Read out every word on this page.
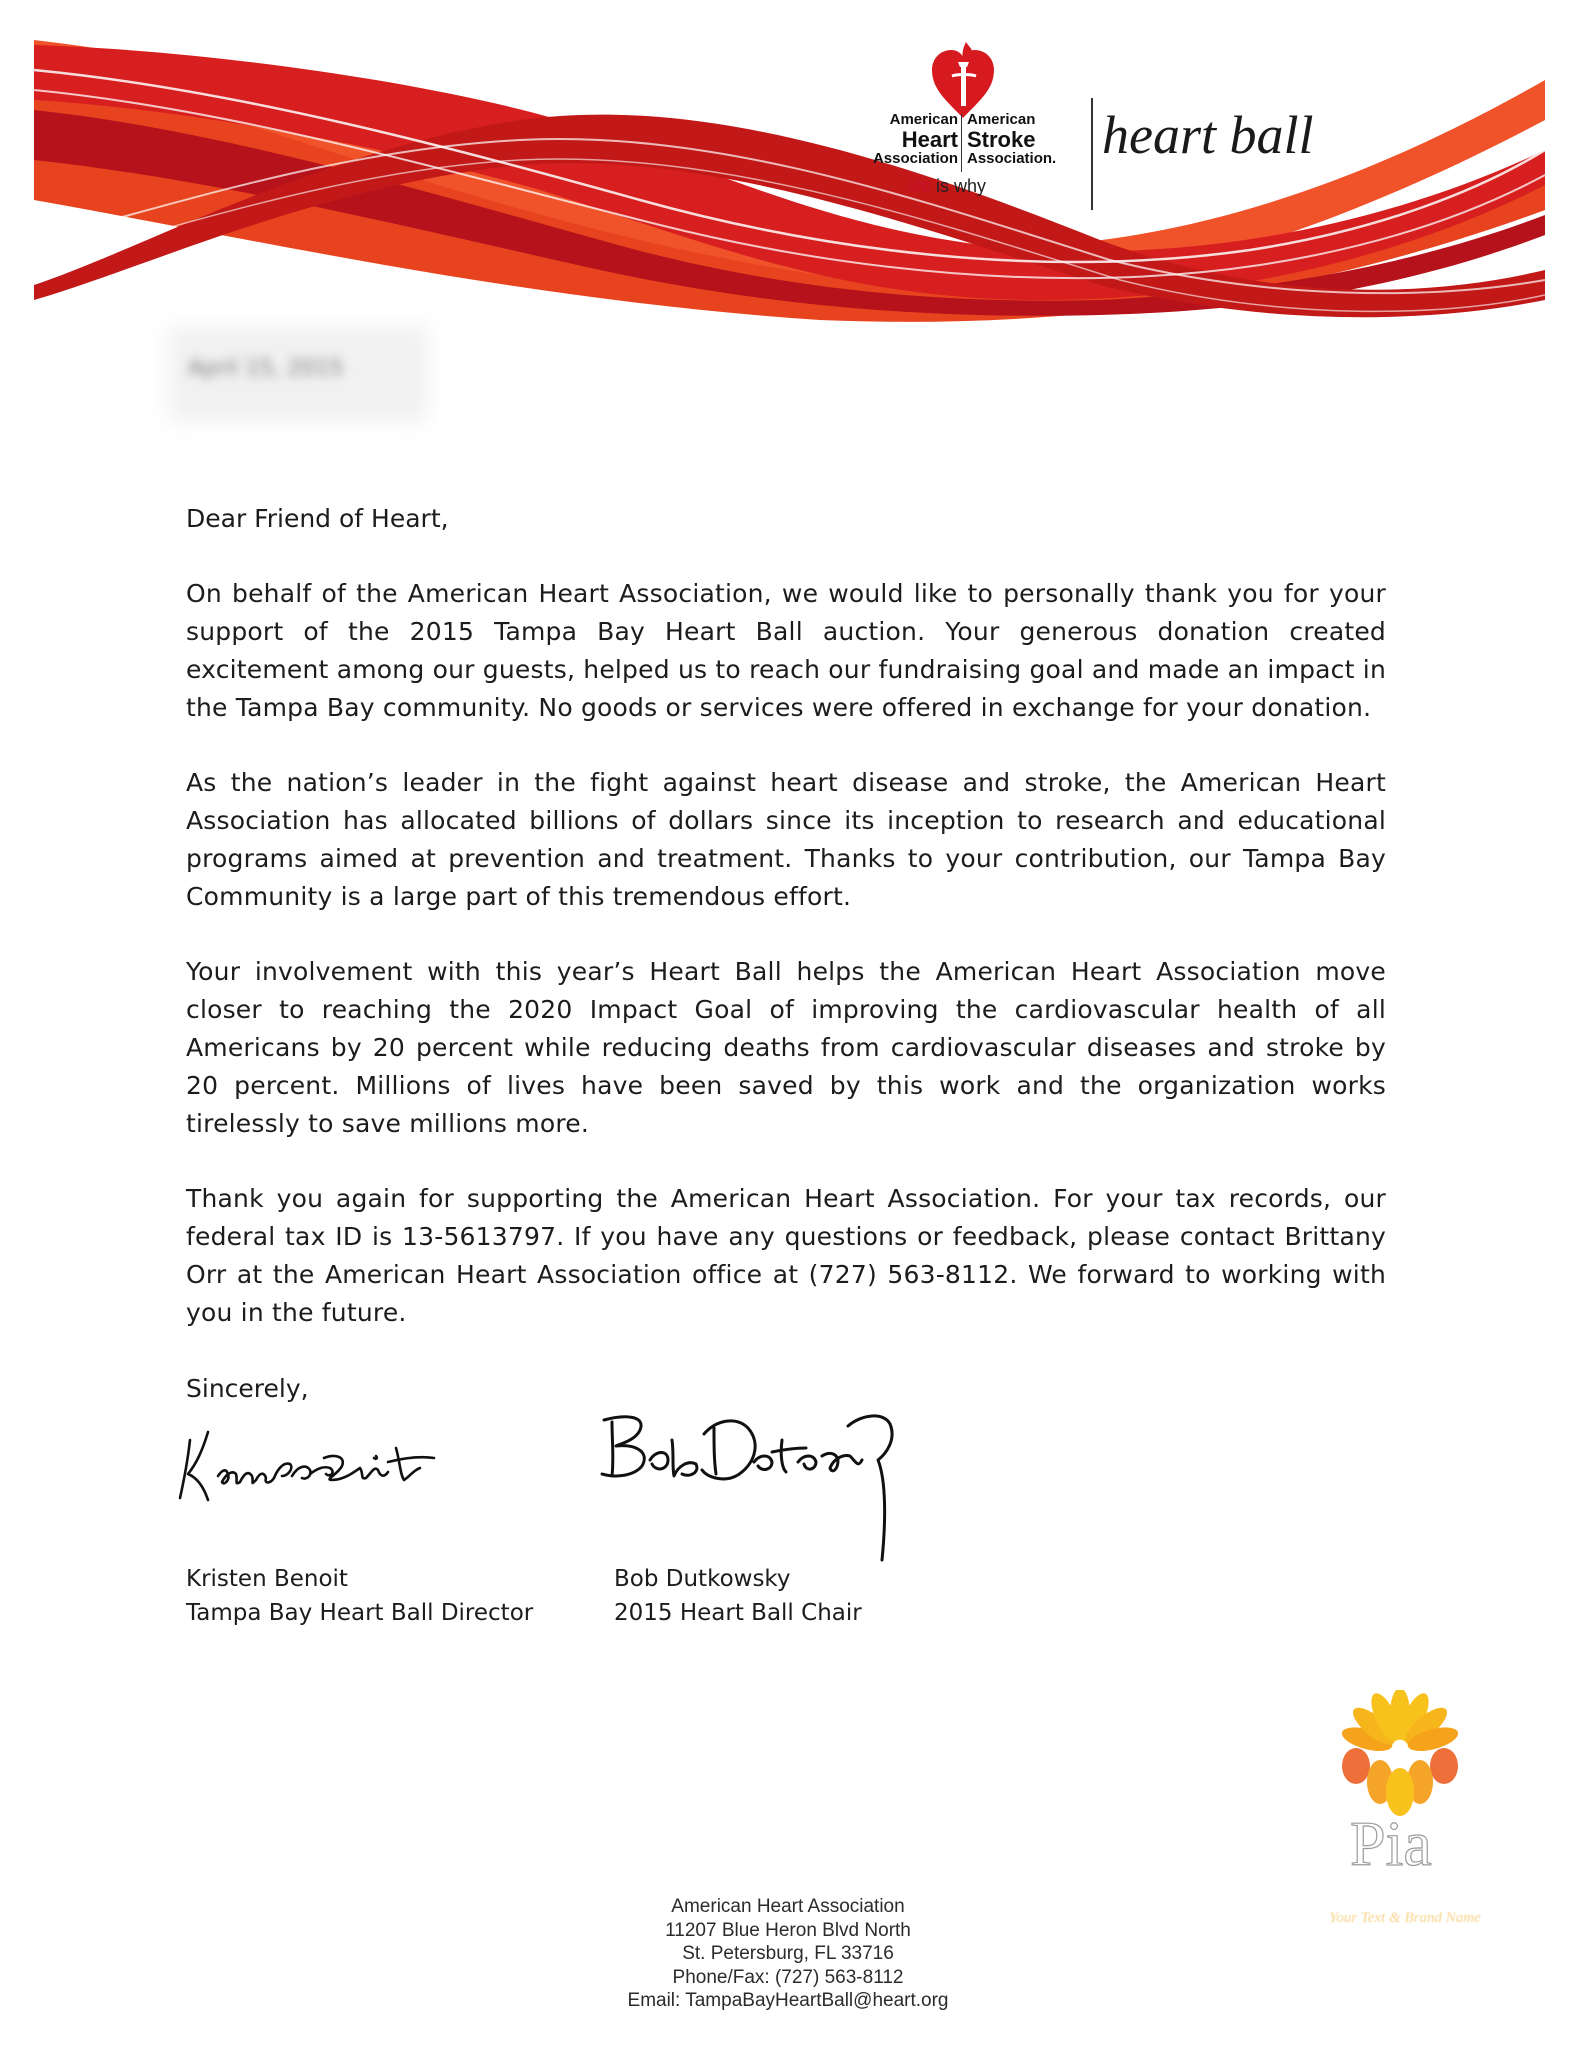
American
Heart
Association
American
Stroke
Association.
life is why
heart ball
April 15, 2015
Dear Friend of Heart,

On behalf of the American Heart Association, we would like to personally thank you for your support of the 2015 Tampa Bay Heart Ball auction. Your generous donation created excitement among our guests, helped us to reach our fundraising goal and made an impact in the Tampa Bay community. No goods or services were offered in exchange for your donation.

As the nation’s leader in the fight against heart disease and stroke, the American Heart Association has allocated billions of dollars since its inception to research and educational programs aimed at prevention and treatment. Thanks to your contribution, our Tampa Bay Community is a large part of this tremendous effort.

Your involvement with this year’s Heart Ball helps the American Heart Association move closer to reaching the 2020 Impact Goal of improving the cardiovascular health of all Americans by 20 percent while reducing deaths from cardiovascular diseases and stroke by 20 percent. Millions of lives have been saved by this work and the organization works tirelessly to save millions more.

Thank you again for supporting the American Heart Association. For your tax records, our federal tax ID is 13-5613797. If you have any questions or feedback, please contact Brittany Orr at the American Heart Association office at (727) 563-8112. We forward to working with you in the future.

Sincerely,
Kristen Benoit
Tampa Bay Heart Ball Director
Bob Dutkowsky
2015 Heart Ball Chair
Pia
Your Text & Brand Name
American Heart Association
11207 Blue Heron Blvd North
St. Petersburg, FL 33716
Phone/Fax: (727) 563-8112
Email: TampaBayHeartBall@heart.org
